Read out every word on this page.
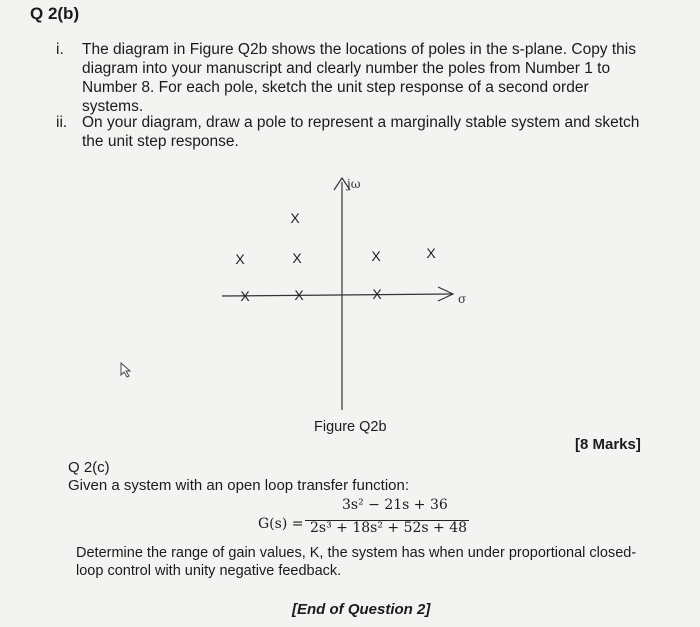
Q 2(b)
i. The diagram in Figure Q2b shows the locations of poles in the s-plane. Copy this diagram into your manuscript and clearly number the poles from Number 1 to Number 8. For each pole, sketch the unit step response of a second order systems.
ii. On your diagram, draw a pole to represent a marginally stable system and sketch the unit step response.
jω
σ
X
X	X	X	X
X	X	X
Figure Q2b
[8 Marks]
Q 2(c)
Given a system with an open loop transfer function:
G(s) =
3s² − 21s + 36
2s³ + 18s² + 52s + 48
Determine the range of gain values, K, the system has when under proportional closed-loop control with unity negative feedback.
[End of Question 2]
